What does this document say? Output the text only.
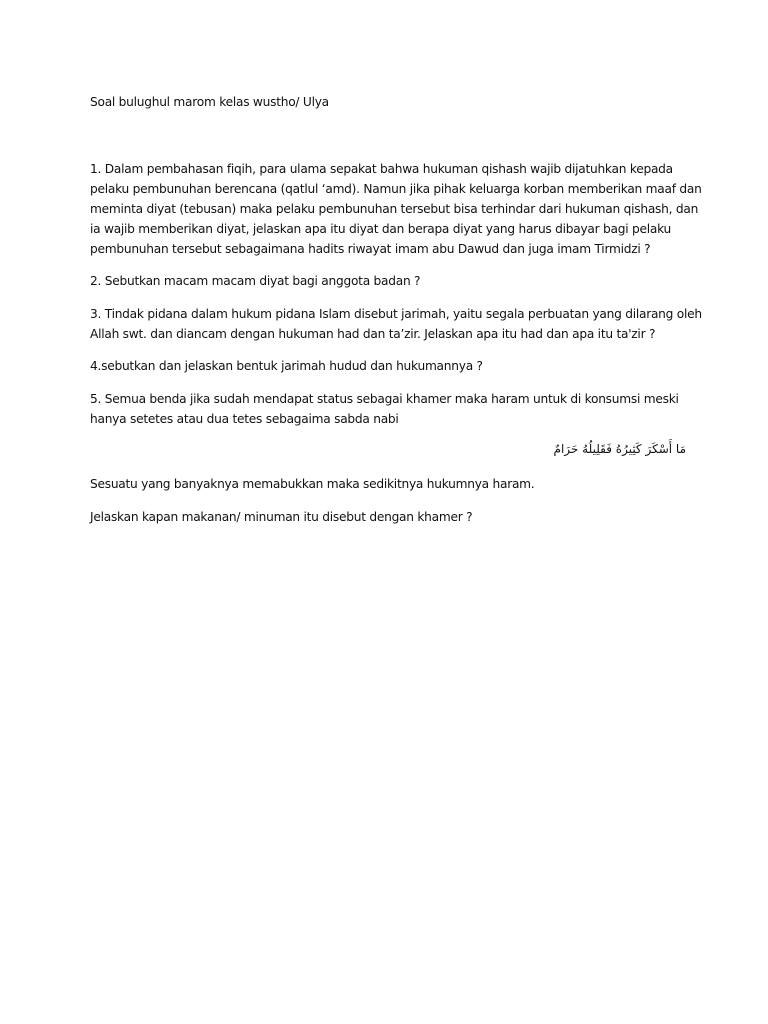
Soal bulughul marom kelas wustho/ Ulya
1. Dalam pembahasan fiqih, para ulama sepakat bahwa hukuman qishash wajib dijatuhkan kepada
pelaku pembunuhan berencana (qatlul ‘amd). Namun jika pihak keluarga korban memberikan maaf dan
meminta diyat (tebusan) maka pelaku pembunuhan tersebut bisa terhindar dari hukuman qishash, dan
ia wajib memberikan diyat, jelaskan apa itu diyat dan berapa diyat yang harus dibayar bagi pelaku
pembunuhan tersebut sebagaimana hadits riwayat imam abu Dawud dan juga imam Tirmidzi ?
2. Sebutkan macam macam diyat bagi anggota badan ?
3. Tindak pidana dalam hukum pidana Islam disebut jarimah, yaitu segala perbuatan yang dilarang oleh
Allah swt. dan diancam dengan hukuman had dan ta’zir. Jelaskan apa itu had dan apa itu ta'zir ?
4.sebutkan dan jelaskan bentuk jarimah hudud dan hukumannya ?
5. Semua benda jika sudah mendapat status sebagai khamer maka haram untuk di konsumsi meski
hanya setetes atau dua tetes sebagaima sabda nabi
مَا أَسْكَرَ كَثِيرُهُ فَقَلِيلُهُ حَرَامٌ
Sesuatu yang banyaknya memabukkan maka sedikitnya hukumnya haram.
Jelaskan kapan makanan/ minuman itu disebut dengan khamer ?
